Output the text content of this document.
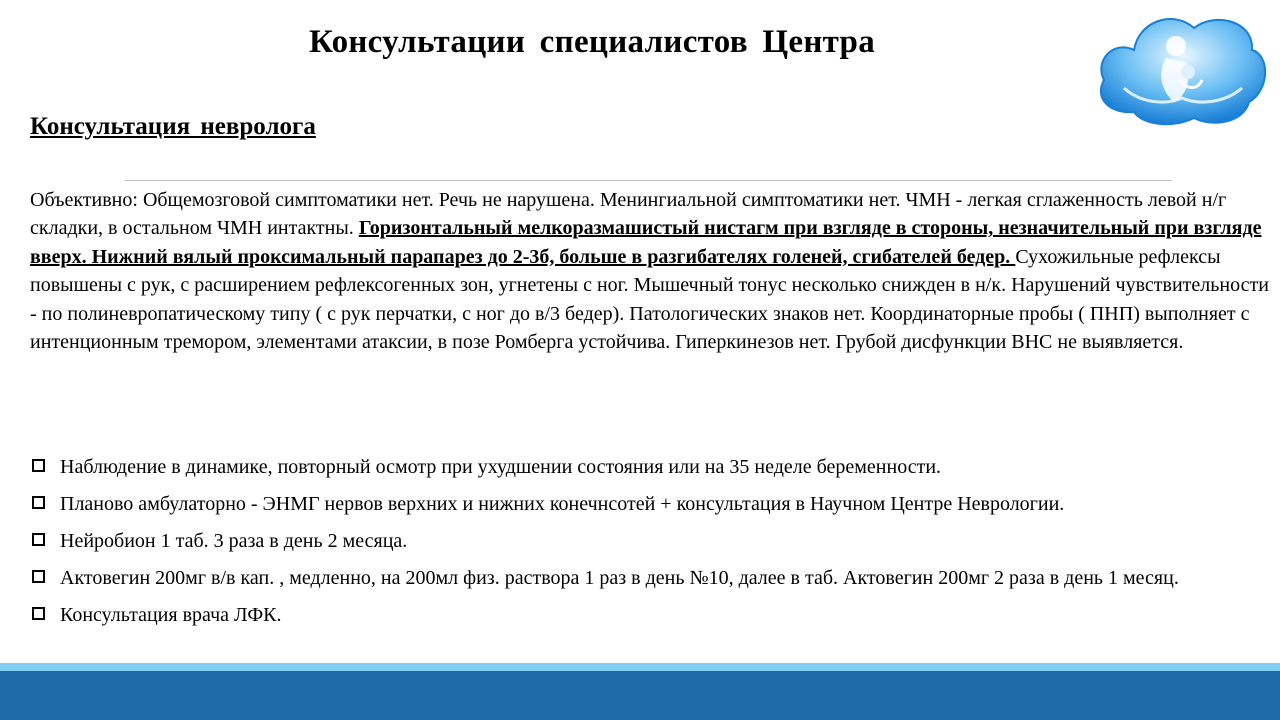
Консультации специалистов Центра
Консультация невролога

Объективно: Общемозговой симптоматики нет. Речь не нарушена. Менингиальной симптоматики нет. ЧМН - легкая сглаженность левой н/г складки, в остальном ЧМН интактны. Горизонтальный мелкоразмашистый нистагм при взгляде в стороны, незначительный при взгляде вверх. Нижний вялый проксимальный парапарез до 2-3б, больше в разгибателях голеней, сгибателей бедер. Сухожильные рефлексы повышены с рук, с расширением рефлексогенных зон, угнетены с ног. Мышечный тонус несколько снижден в н/к. Нарушений чувствительности - по полиневропатическому типу ( с рук перчатки, с ног до в/3 бедер). Патологических знаков нет. Координаторные пробы ( ПНП) выполняет с интенционным тремором, элементами атаксии, в позе Ромберга устойчива. Гиперкинезов нет. Грубой дисфункции ВНС не выявляется.

Наблюдение в динамике, повторный осмотр при ухудшении состояния или на 35 неделе беременности.
Планово амбулаторно - ЭНМГ нервов верхних и нижних конечнсотей + консультация в Научном Центре Неврологии.
Нейробион 1 таб. 3 раза в день 2 месяца.
Актовегин 200мг в/в кап. , медленно, на 200мл физ. раствора 1 раз в день №10, далее в таб. Актовегин 200мг 2 раза в день 1 месяц.
Консультация врача ЛФК.
